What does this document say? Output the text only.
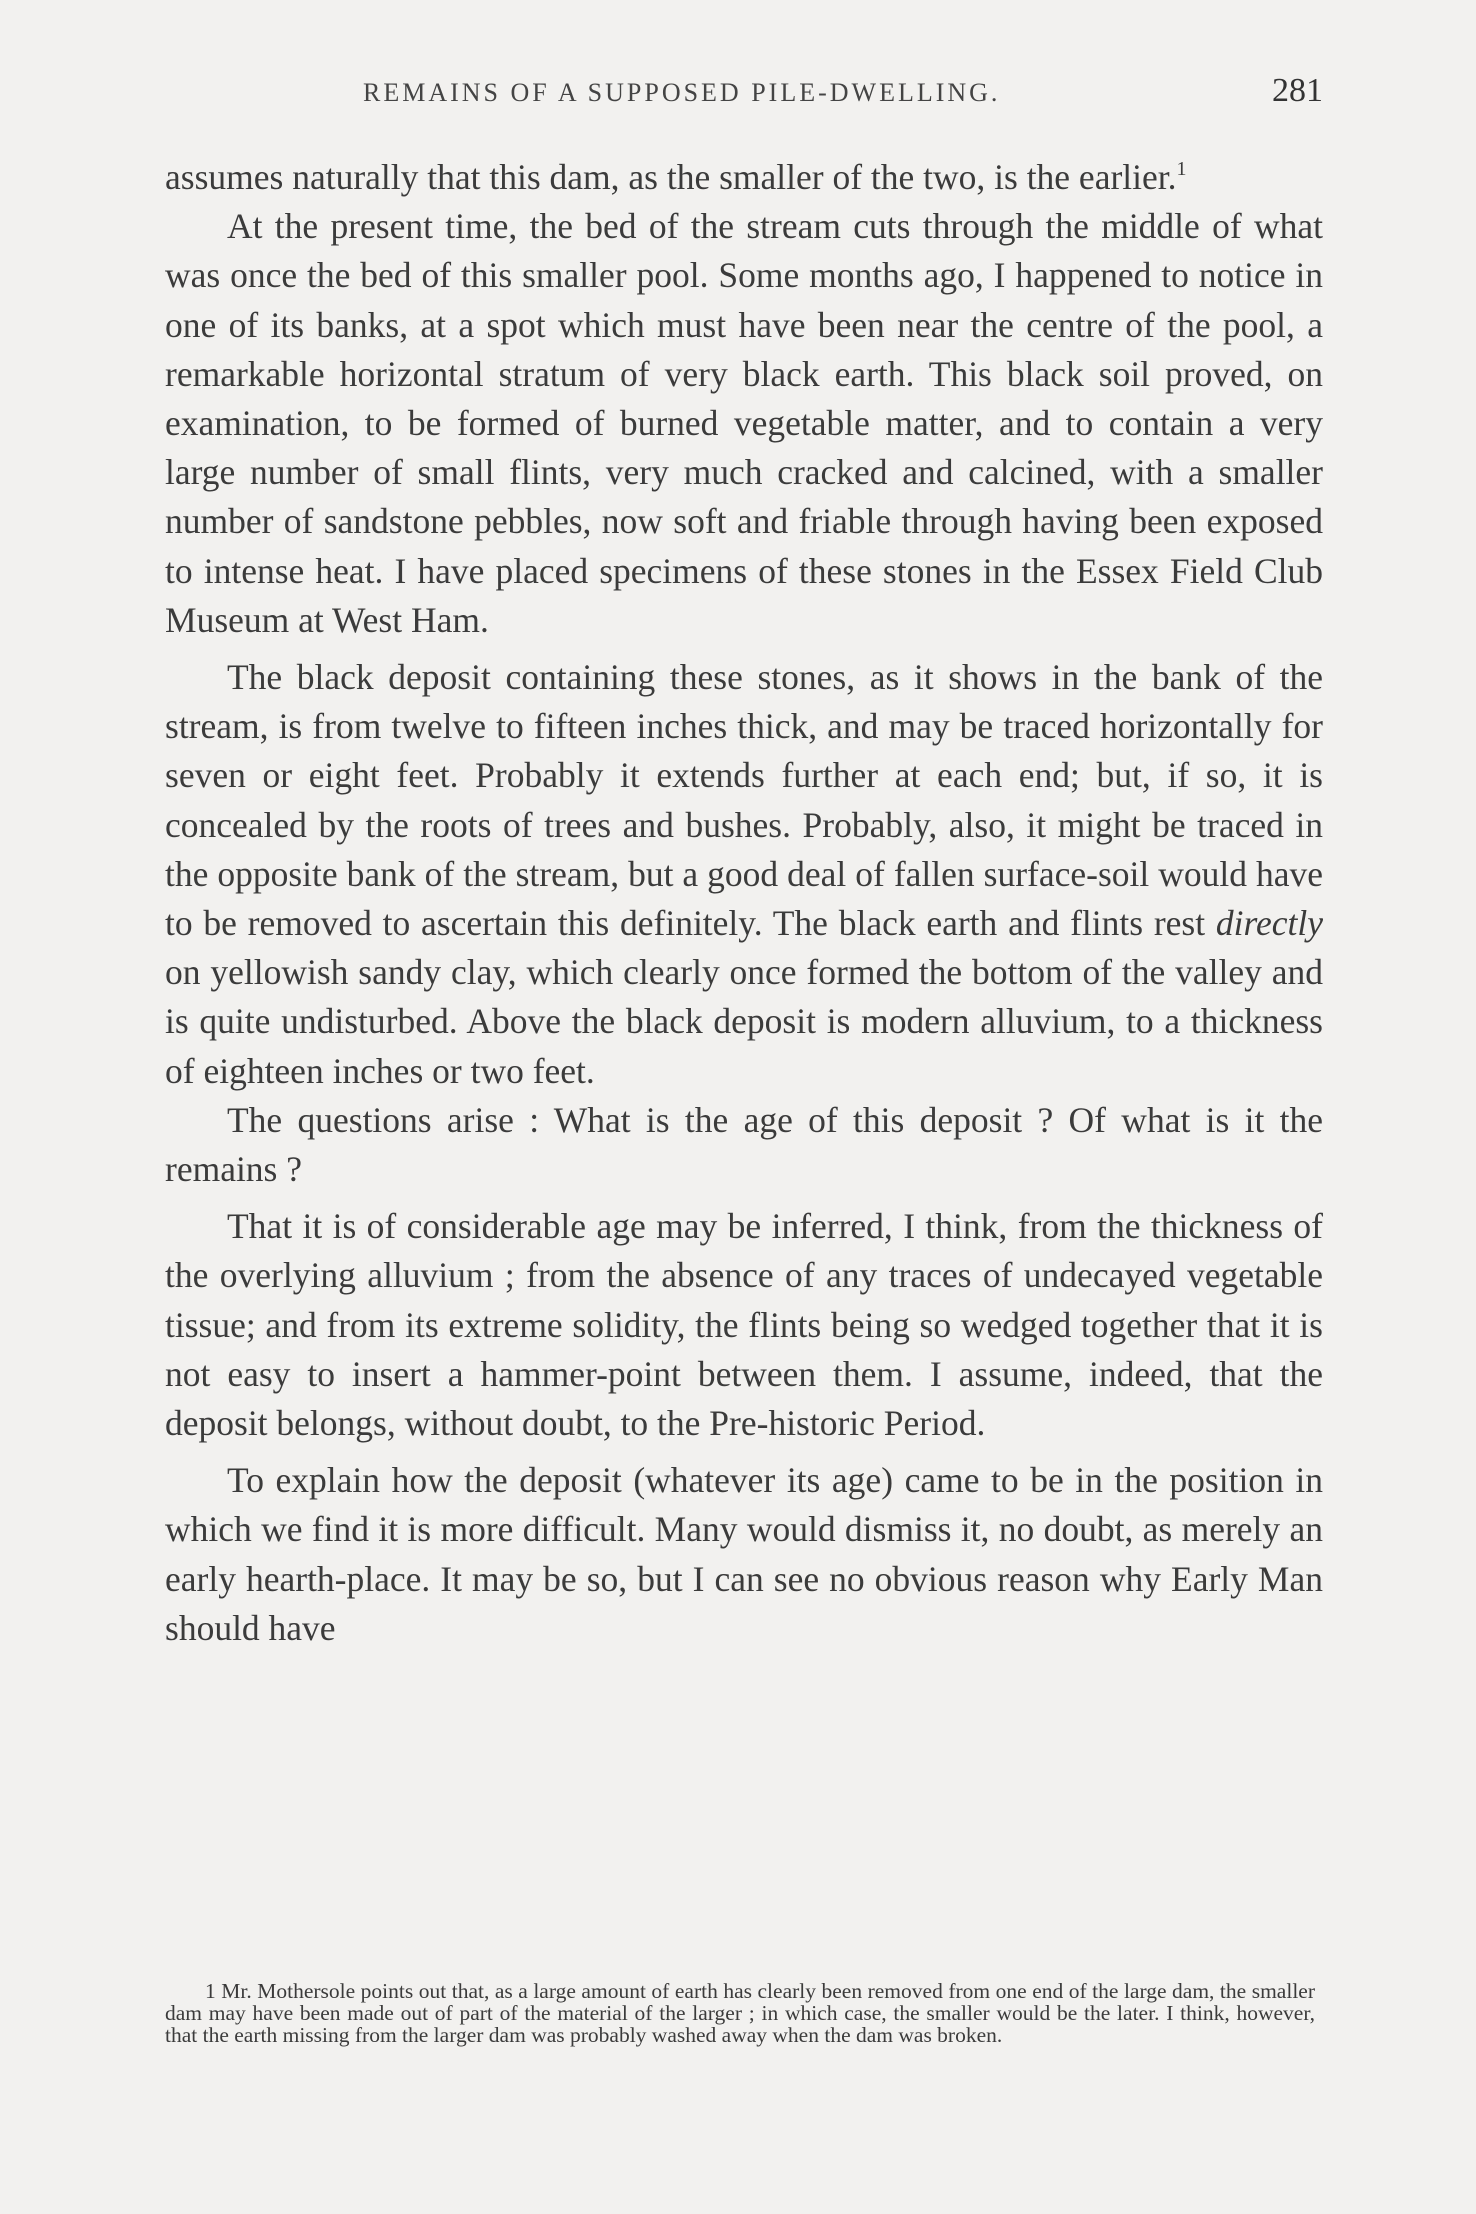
REMAINS OF A SUPPOSED PILE-DWELLING.	281

assumes naturally that this dam, as the smaller of the two, is the earlier.$^1$

At the present time, the bed of the stream cuts through the middle of what was once the bed of this smaller pool. Some months ago, I happened to notice in one of its banks, at a spot which must have been near the centre of the pool, a remarkable horizontal stratum of very black earth. This black soil proved, on examination, to be formed of burned vegetable matter, and to contain a very large number of small flints, very much cracked and calcined, with a smaller number of sandstone pebbles, now soft and friable through having been exposed to intense heat. I have placed specimens of these stones in the Essex Field Club Museum at West Ham.

The black deposit containing these stones, as it shows in the bank of the stream, is from twelve to fifteen inches thick, and may be traced horizontally for seven or eight feet. Probably it extends further at each end; but, if so, it is concealed by the roots of trees and bushes. Probably, also, it might be traced in the opposite bank of the stream, but a good deal of fallen surface-soil would have to be removed to ascertain this definitely. The black earth and flints rest directly on yellowish sandy clay, which clearly once formed the bottom of the valley and is quite undisturbed. Above the black deposit is modern alluvium, to a thickness of eighteen inches or two feet.

The questions arise : What is the age of this deposit ? Of what is it the remains ?

That it is of considerable age may be inferred, I think, from the thickness of the overlying alluvium ; from the absence of any traces of undecayed vegetable tissue; and from its extreme solidity, the flints being so wedged together that it is not easy to insert a hammer-point between them. I assume, indeed, that the deposit belongs, without doubt, to the Pre-historic Period.

To explain how the deposit (whatever its age) came to be in the position in which we find it is more difficult. Many would dismiss it, no doubt, as merely an early hearth-place. It may be so, but I can see no obvious reason why Early Man should have

1 Mr. Mothersole points out that, as a large amount of earth has clearly been removed from one end of the large dam, the smaller dam may have been made out of part of the material of the larger ; in which case, the smaller would be the later. I think, however, that the earth missing from the larger dam was probably washed away when the dam was broken.
